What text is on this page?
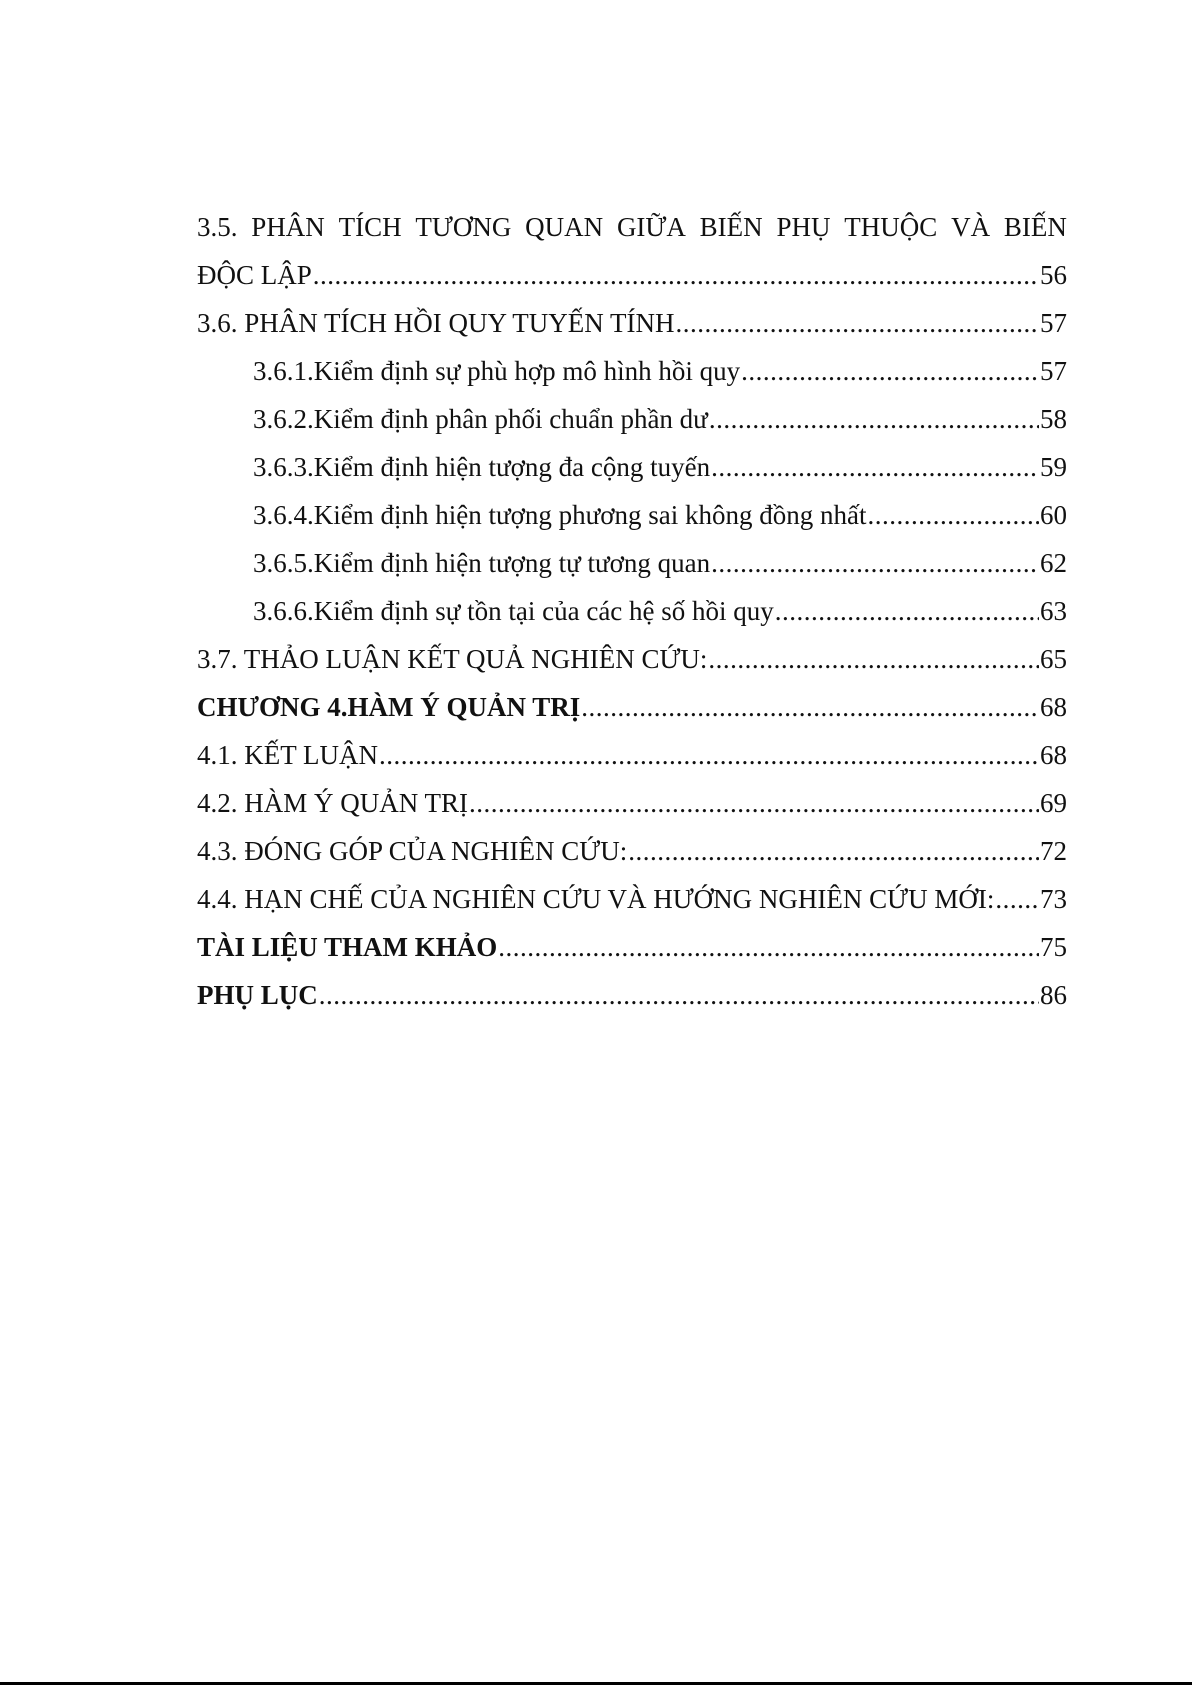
3.5. PHÂN TÍCH TƯƠNG QUAN GIỮA BIẾN PHỤ THUỘC VÀ BIẾN
ĐỘC LẬP .....	56
3.6. PHÂN TÍCH HỒI QUY TUYẾN TÍNH .....	57
3.6.1. Kiểm định sự phù hợp mô hình hồi quy .....	57
3.6.2. Kiểm định phân phối chuẩn phần dư .....	58
3.6.3. Kiểm định hiện tượng đa cộng tuyến .....	59
3.6.4. Kiểm định hiện tượng phương sai không đồng nhất .....	60
3.6.5. Kiểm định hiện tượng tự tương quan .....	62
3.6.6. Kiểm định sự tồn tại của các hệ số hồi quy .....	63
3.7. THẢO LUẬN KẾT QUẢ NGHIÊN CỨU: .....	65
CHƯƠNG 4. HÀM Ý QUẢN TRỊ .....	68
4.1. KẾT LUẬN .....	68
4.2. HÀM Ý QUẢN TRỊ .....	69
4.3. ĐÓNG GÓP CỦA NGHIÊN CỨU: .....	72
4.4. HẠN CHẾ CỦA NGHIÊN CỨU VÀ HƯỚNG NGHIÊN CỨU MỚI: ..... 73
TÀI LIỆU THAM KHẢO .....	75
PHỤ LỤC .....	86
